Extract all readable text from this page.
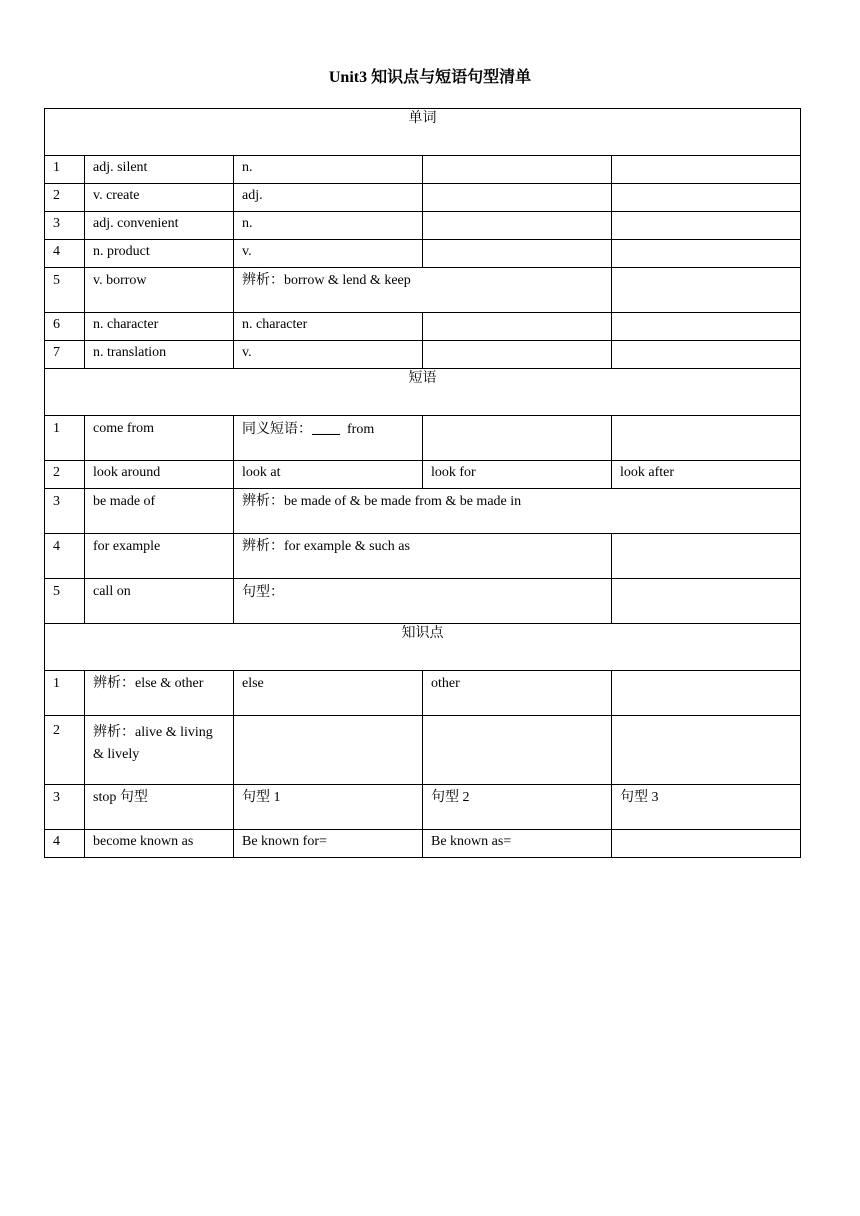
Unit3 知识点与短语句型清单
单词				
1	adj. silent	n.		
2	v. create	adj.		
3	adj. convenient	n.		
4	n. product	v.		
5	v. borrow	辨析：borrow & lend & keep		
6	n. character	n. character		
7	n. translation	v.		
短语				
1	come from	同义短语：____ from		
2	look around	look at	look for	look after
3	be made of	辨析：be made of & be made from & be made in		
4	for example	辨析：for example & such as		
5	call on	句型：		
知识点				
1	辨析：else & other	else	other	
2	辨析：alive & living
& lively			

3	stop 句型	句型 1	句型 2	句型 3
4	become known as	Be known for=	Be known as=	
